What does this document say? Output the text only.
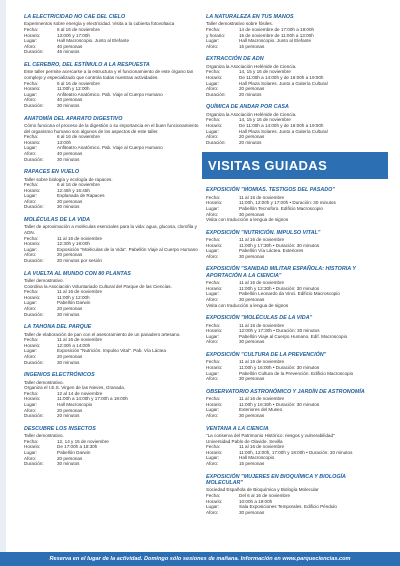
LA ELECTRICIDAD NO CAE DEL CIELO
Experimentos sobre energía y electricidad. Visita a la cubierta fotovoltaica
Fecha:	6 al 16 de noviembre
Horario:	13:00h y 17:00h
Lugar:	Hall Macroscopio. Junto al Elefante
Aforo:	40 personas
Duración:	45 minutos
EL CEREBRO, DEL ESTÍMULO A LA RESPUESTA
Este taller permite acercarse a la estructura y el funcionamiento de este órgano tan complejo y especializado que controla todas nuestras actividades.
Fecha:	6 al 16 de noviembre
Horario:	11:00h y 12:00h
Lugar:	Anfiteatro Anatómico. Pab. Viaje al Cuerpo Humano
Aforo:	40 personas
Duración:	30 minutos
ANATOMÍA DEL APARATO DIGESTIVO
Cómo funciona el proceso de la digestión o su importancia en el buen funcionamiento del organismo humano son algunos de los aspectos de este taller.
Fecha:	6 al 16 de noviembre
Horario:	13:00h
Lugar:	Anfiteatro Anatómico. Pab. Viaje al Cuerpo Humano
Aforo:	40 personas
Duración:	30 minutos
RAPACES EN VUELO
Taller sobre biología y ecología de rapaces.
Fecha:	6 al 16 de noviembre
Horario:	12:45h y 16:45h
Lugar:	Explanada de Rapaces
Aforo:	20 personas
Duración:	30 minutos
MOLÉCULAS DE LA VIDA
Taller de aproximación a moléculas esenciales para la vida: agua, glucosa, clorofila y ADN.
Fecha:	11 al 16 de noviembre
Horario:	12:30h y 18:00h
Lugar:	Exposición "Moléculas de la Vida". Pabellón Viaje al Cuerpo Humano
Aforo:	20 personas
Duración:	20 minutos por sesión
LA VUELTA AL MUNDO CON 80 PLANTAS
Taller demostrativo.
Coordina la Asociación Voluntariado Cultural del Parque de las Ciencias.
Fecha:	11 al 16 de noviembre
Horario:	11:00h y 12:00h
Lugar:	Pabellón Darwin
Aforo:	20 personas
Duración:	30 minutos
LA TAHONA DEL PARQUE
Taller de elaboración de pan con el asesoramiento de un panadero artesano.
Fecha:	11 al 16 de noviembre
Horario:	12:30h a 14:00h
Lugar:	Exposición "Nutrición. Impulso Vital". Pab. Vía Láctea
Aforo:	20 personas
Duración:	30 minutos
INGENIOS ELECTRÓNICOS
Taller demostrativo.
Organiza el I.E.S. Virgen de las Nieves, Granada.
Fecha:	12 al 14 de noviembre
Horario:	11:00h a 14:00h y 17:00h a 19:00h
Lugar:	Hall Macroscopio
Aforo:	20 personas
Duración:	20 minutos
DESCUBRE LOS INSECTOS
Taller demostrativo.
Fecha:	12, 14 y 15 de noviembre
Horario:	De 17:00h a 18:30h
Lugar:	Pabellón Darwin
Aforo:	20 personas
Duración:	30 minutos
LA NATURALEZA EN TUS MANOS
Taller demostrativo sobre fósiles.
Fecha:	14 de noviembre de 17:00h a 19:00h
y horario:	15 de noviembre de 11:00h a 13:00h
Lugar:	Hall Macroscopio. Junto al Elefante
Aforo:	15 personas
EXTRACCIÓN DE ADN
Organiza la Asociación Helénide de Ciencia.
Fecha:	14, 15 y 16 de noviembre
Horario:	De 11:00h a 14:00h y de 16:00h a 19:00h
Lugar:	Hall Plaza Solares. Junto a Galería Cultural
Aforo:	20 personas
Duración:	20 minutos
QUÍMICA DE ANDAR POR CASA
Organiza la Asociación Helénide de Ciencia.
Fecha:	14, 15 y 16 de noviembre
Horario:	De 11:00h a 14:00h y de 16:00h a 19:00h
Lugar:	Hall Plaza Solares. Junto a Galería Cultural
Aforo:	20 personas
Duración:	20 minutos
VISITAS GUIADAS
EXPOSICIÓN "MOMIAS. TESTIGOS DEL PASADO"
Fecha:	11 al 16 de noviembre
Horario:	11:00h, 12:00h y 17:00h • Duración: 30 minutos
Lugar:	Pabellón Tecnoforo. Edificio Macroscopio
Aforo:	30 personas
Visita con traducción a lengua de signos
EXPOSICIÓN "NUTRICIÓN. IMPULSO VITAL"
Fecha:	11 al 16 de noviembre
Horario:	11:00h y 17:30h • Duración: 30 minutos
Lugar:	Pabellón Vía Láctea. Exteriores
Aforo:	30 personas
EXPOSICIÓN "SANIDAD MILITAR ESPAÑOLA: HISTORIA Y APORTACIÓN A LA CIENCIA"
Fecha:	11 al 16 de noviembre
Horario:	11:00h y 12:30h • Duración: 30 minutos
Lugar:	Pabellón Leonardo da Vinci. Edificio Macroscopio
Aforo:	30 personas
Visita con traducción a lengua de signos
EXPOSICIÓN "MOLÉCULAS DE LA VIDA"
Fecha:	11 al 16 de noviembre
Horario:	12:00h y 17:30h • Duración: 30 minutos
Lugar:	Pabellón Viaje al Cuerpo Humano. Edif. Macroscopio
Aforo:	30 personas
EXPOSICIÓN "CULTURA DE LA PREVENCIÓN"
Fecha:	11 al 16 de noviembre
Horario:	11:00h y 16:00h • Duración: 30 minutos
Lugar:	Pabellón Cultura de la Prevención. Edificio Macroscopio
Aforo:	30 personas
OBSERVATORIO ASTRONÓMICO Y JARDÍN DE ASTRONOMÍA
Fecha:	11 al 16 de noviembre
Horario:	11:00h y 16:30h • Duración: 30 minutos
Lugar:	Exteriores del Museo
Aforo:	30 personas
VENTANA A LA CIENCIA
"La conserva del Patrimonio Histórico: riesgos y vulnerabilidad"
Universidad Pablo de Olavide. Sevilla
Fecha:	11 al 16 de noviembre
Horario:	11:00h, 12:00h, 17:00h y 18:00h • Duración: 30 minutos
Lugar:	Hall Macroscopio
Aforo:	15 personas
EXPOSICIÓN "MUJERES EN BIOQUÍMICA Y BIOLOGÍA MOLECULAR"
Sociedad Española de Bioquímica y Biología Molecular
Fecha:	Del 6 al 16 de noviembre
Horario:	10:00h a 19:00h
Lugar:	Sala Exposiciones Temporales. Edificio Péndulo
Aforo:	30 personas
Reserva en el lugar de la actividad. Domingo sólo sesiones de mañana. Información en www.parqueciencias.com
